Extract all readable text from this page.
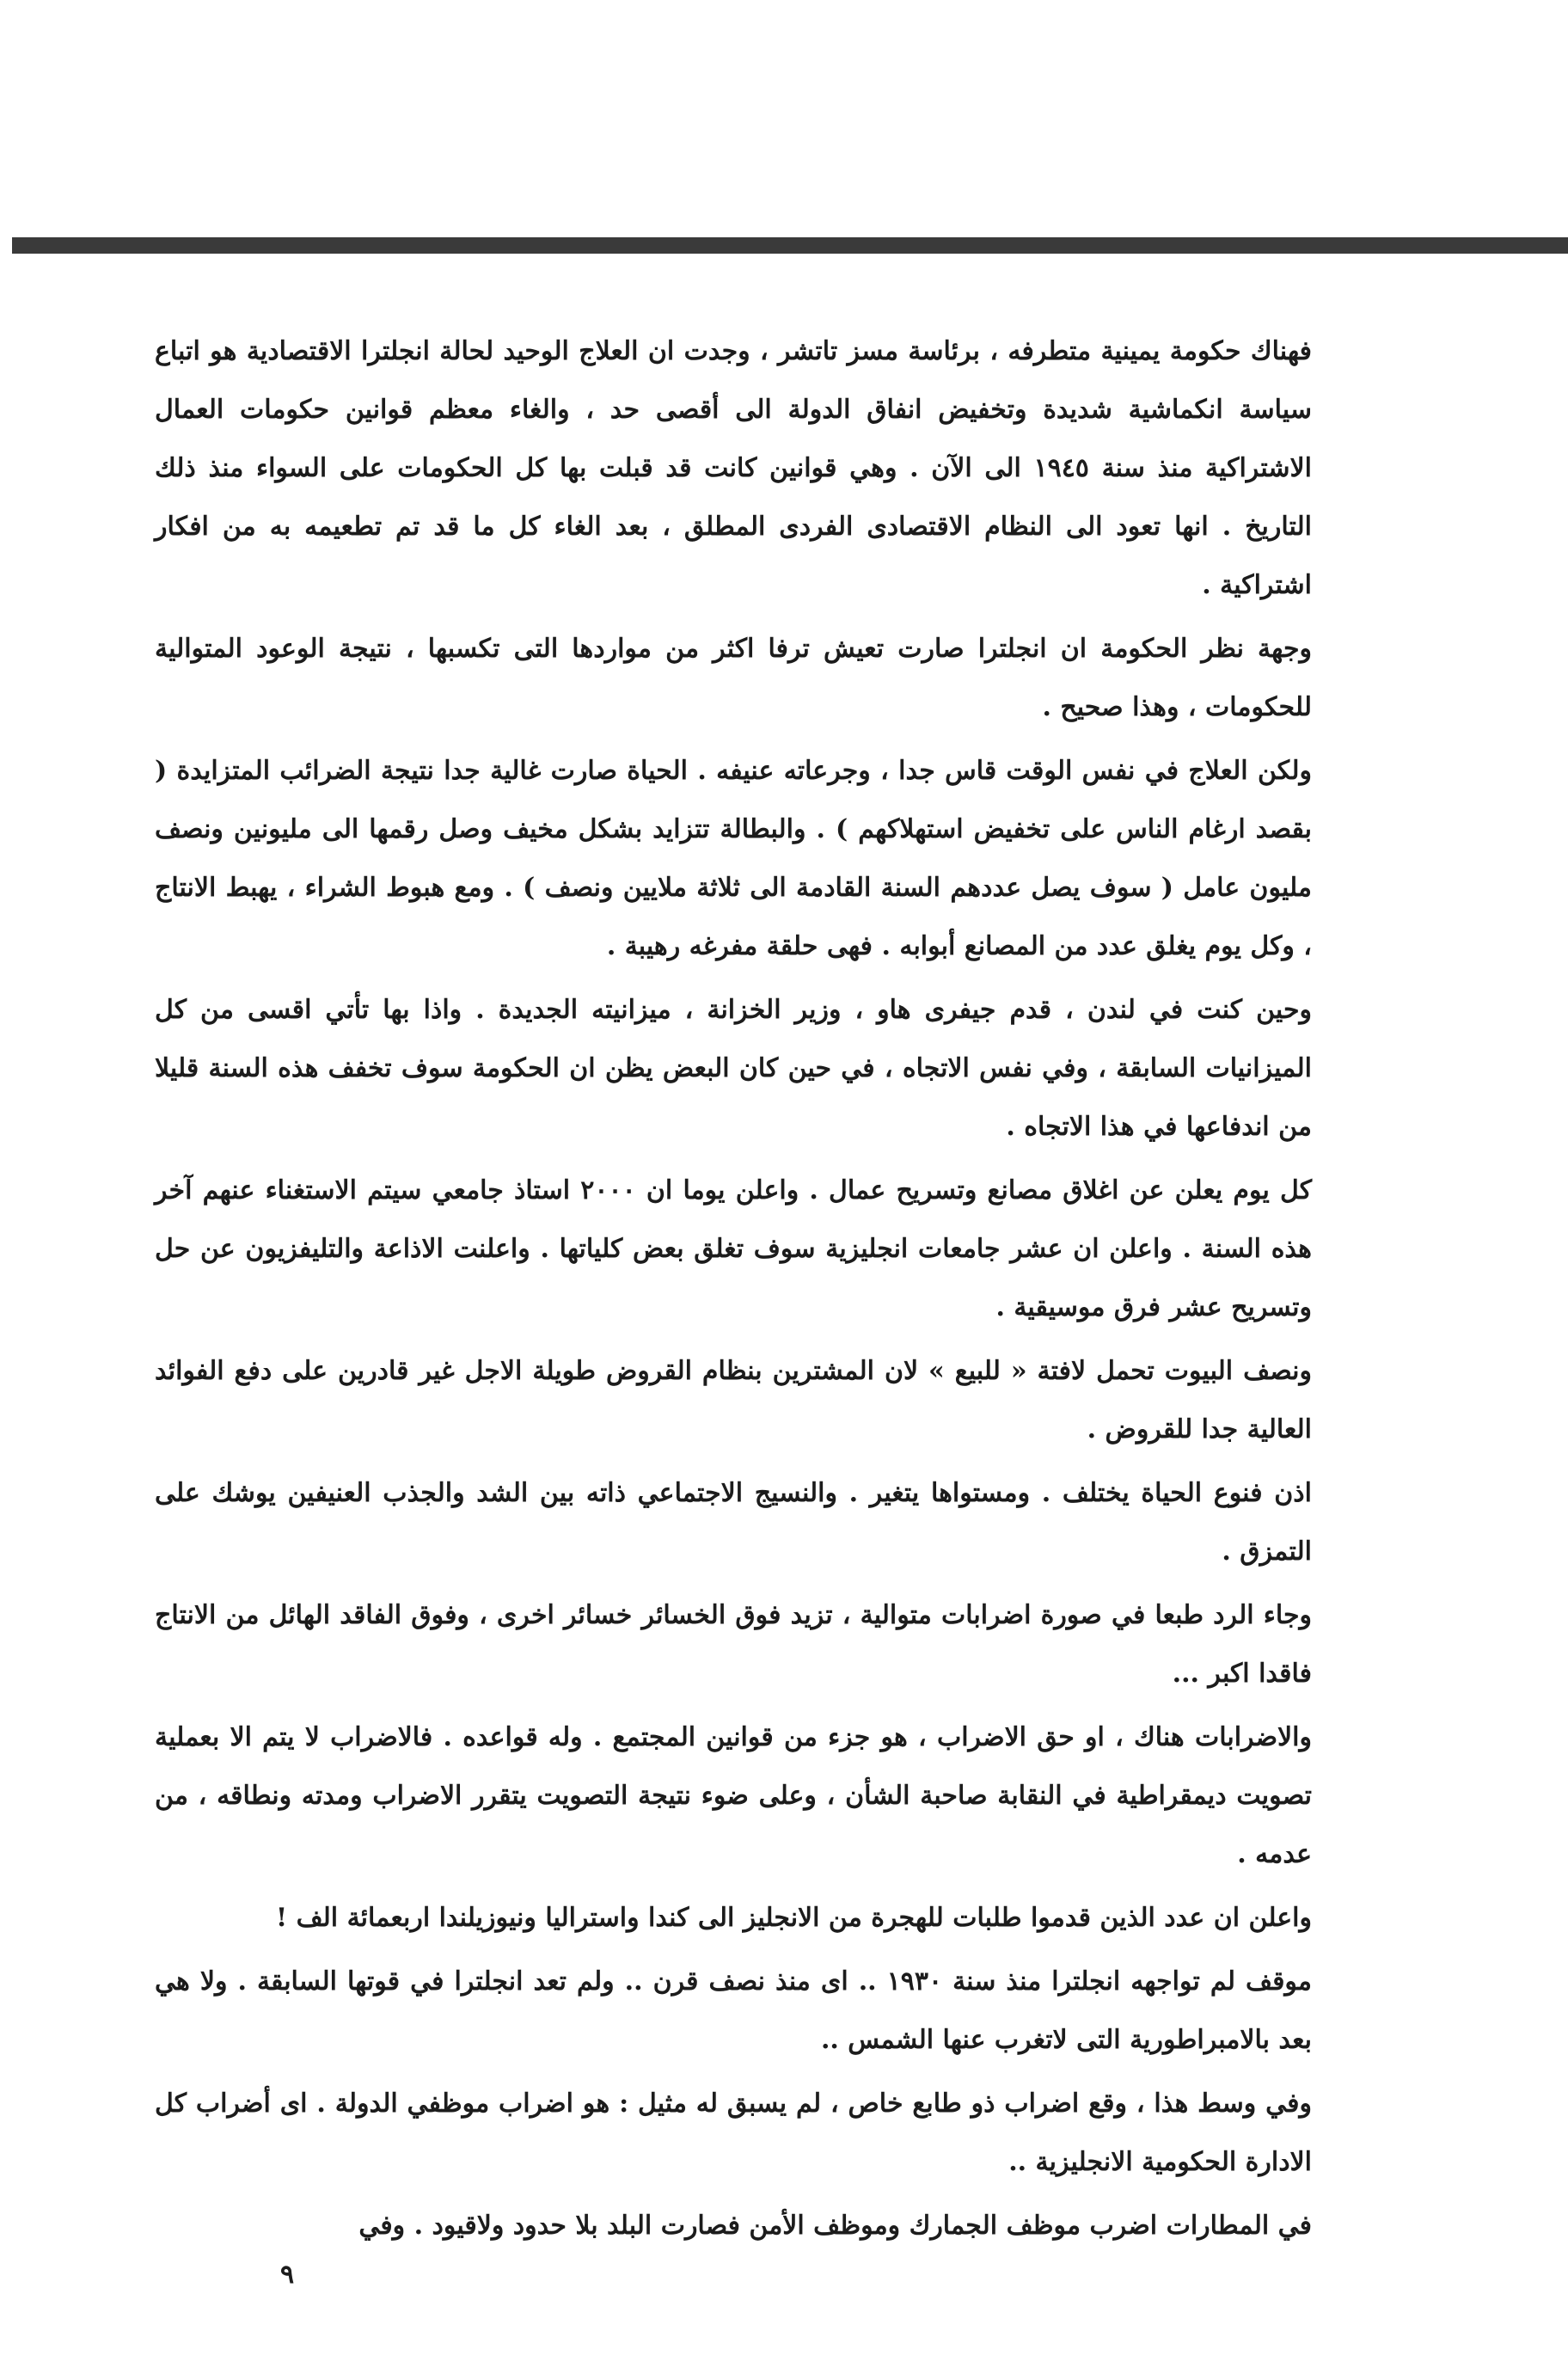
فهناك حكومة يمينية متطرفه ، برئاسة مسز تاتشر ، وجدت ان العلاج الوحيد لحالة انجلترا الاقتصادية هو اتباع سياسة انكماشية شديدة وتخفيض انفاق الدولة الى أقصى حد ، والغاء معظم قوانين حكومات العمال الاشتراكية منذ سنة ١٩٤٥ الى الآن . وهي قوانين كانت قد قبلت بها كل الحكومات على السواء منذ ذلك التاريخ . انها تعود الى النظام الاقتصادى الفردى المطلق ، بعد الغاء كل ما قد تم تطعيمه به من افكار اشتراكية .

وجهة نظر الحكومة ان انجلترا صارت تعيش ترفا اكثر من مواردها التى تكسبها ، نتيجة الوعود المتوالية للحكومات ، وهذا صحيح .

ولكن العلاج في نفس الوقت قاس جدا ، وجرعاته عنيفه . الحياة صارت غالية جدا نتيجة الضرائب المتزايدة ( بقصد ارغام الناس على تخفيض استهلاكهم ) . والبطالة تتزايد بشكل مخيف وصل رقمها الى مليونين ونصف مليون عامل ( سوف يصل عددهم السنة القادمة الى ثلاثة ملايين ونصف ) . ومع هبوط الشراء ، يهبط الانتاج ، وكل يوم يغلق عدد من المصانع أبوابه . فهى حلقة مفرغه رهيبة .

وحين كنت في لندن ، قدم جيفرى هاو ، وزير الخزانة ، ميزانيته الجديدة . واذا بها تأتي اقسى من كل الميزانيات السابقة ، وفي نفس الاتجاه ، في حين كان البعض يظن ان الحكومة سوف تخفف هذه السنة قليلا من اندفاعها في هذا الاتجاه .

كل يوم يعلن عن اغلاق مصانع وتسريح عمال . واعلن يوما ان ٢٠٠٠ استاذ جامعي سيتم الاستغناء عنهم آخر هذه السنة . واعلن ان عشر جامعات انجليزية سوف تغلق بعض كلياتها . واعلنت الاذاعة والتليفزيون عن حل وتسريح عشر فرق موسيقية .

ونصف البيوت تحمل لافتة « للبيع » لان المشترين بنظام القروض طويلة الاجل غير قادرين على دفع الفوائد العالية جدا للقروض .

اذن فنوع الحياة يختلف . ومستواها يتغير . والنسيج الاجتماعي ذاته بين الشد والجذب العنيفين يوشك على التمزق .

وجاء الرد طبعا في صورة اضرابات متوالية ، تزيد فوق الخسائر خسائر اخرى ، وفوق الفاقد الهائل من الانتاج فاقدا اكبر ...

والاضرابات هناك ، او حق الاضراب ، هو جزء من قوانين المجتمع . وله قواعده . فالاضراب لا يتم الا بعملية تصويت ديمقراطية في النقابة صاحبة الشأن ، وعلى ضوء نتيجة التصويت يتقرر الاضراب ومدته ونطاقه ، من عدمه .

واعلن ان عدد الذين قدموا طلبات للهجرة من الانجليز الى كندا واستراليا ونيوزيلندا اربعمائة الف !

موقف لم تواجهه انجلترا منذ سنة ١٩٣٠ .. اى منذ نصف قرن .. ولم تعد انجلترا في قوتها السابقة . ولا هي بعد بالامبراطورية التى لاتغرب عنها الشمس ..

وفي وسط هذا ، وقع اضراب ذو طابع خاص ، لم يسبق له مثيل : هو اضراب موظفي الدولة . اى أضراب كل الادارة الحكومية الانجليزية ..

في المطارات اضرب موظف الجمارك وموظف الأمن فصارت البلد بلا حدود ولاقيود . وفي

٩
